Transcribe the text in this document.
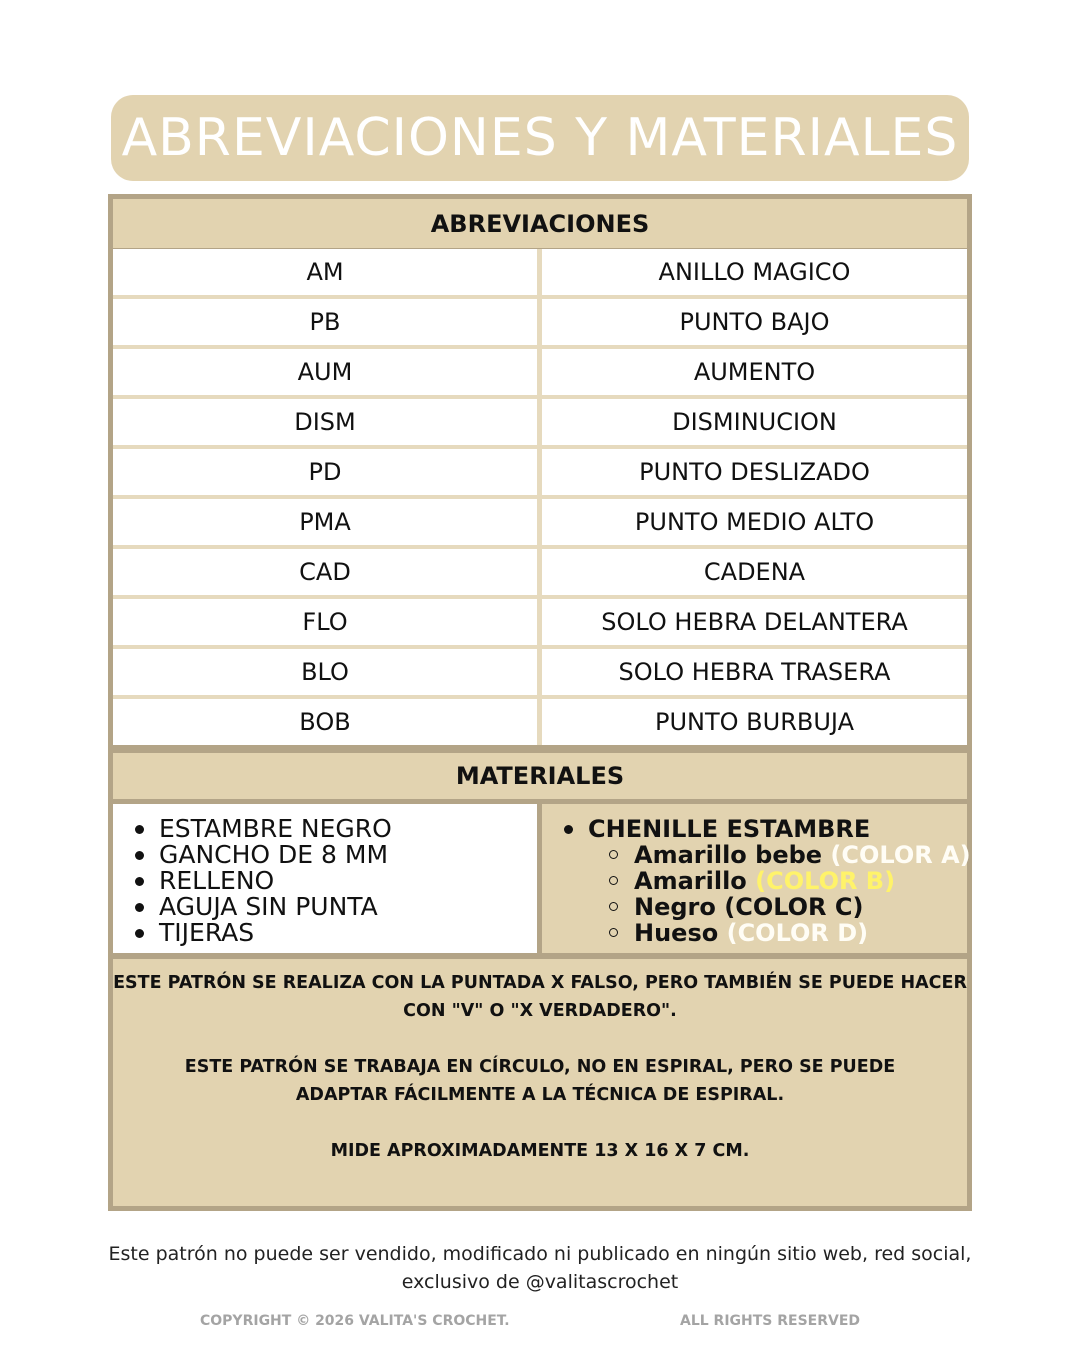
ABREVIACIONES Y MATERIALES
ABREVIACIONES
AM	ANILLO MAGICO
PB	PUNTO BAJO
AUM	AUMENTO
DISM	DISMINUCION
PD	PUNTO DESLIZADO
PMA	PUNTO MEDIO ALTO
CAD	CADENA
FLO	SOLO HEBRA DELANTERA
BLO	SOLO HEBRA TRASERA
BOB	PUNTO BURBUJA
MATERIALES
ESTAMBRE NEGRO
GANCHO DE 8 MM
RELLENO
AGUJA SIN PUNTA
TIJERAS
CHENILLE ESTAMBRE
Amarillo bebe (COLOR A)
Amarillo (COLOR B)
Negro (COLOR C)
Hueso (COLOR D)
ESTE PATRÓN SE REALIZA CON LA PUNTADA X FALSO, PERO TAMBIÉN SE PUEDE HACER CON "V" O "X VERDADERO".
ESTE PATRÓN SE TRABAJA EN CÍRCULO, NO EN ESPIRAL, PERO SE PUEDE ADAPTAR FÁCILMENTE A LA TÉCNICA DE ESPIRAL.
MIDE APROXIMADAMENTE 13 X 16 X 7 CM.
Este patrón no puede ser vendido, modificado ni publicado en ningún sitio web, red social,
exclusivo de @valitascrochet
COPYRIGHT © 2026 VALITA'S CROCHET.	ALL RIGHTS RESERVED
